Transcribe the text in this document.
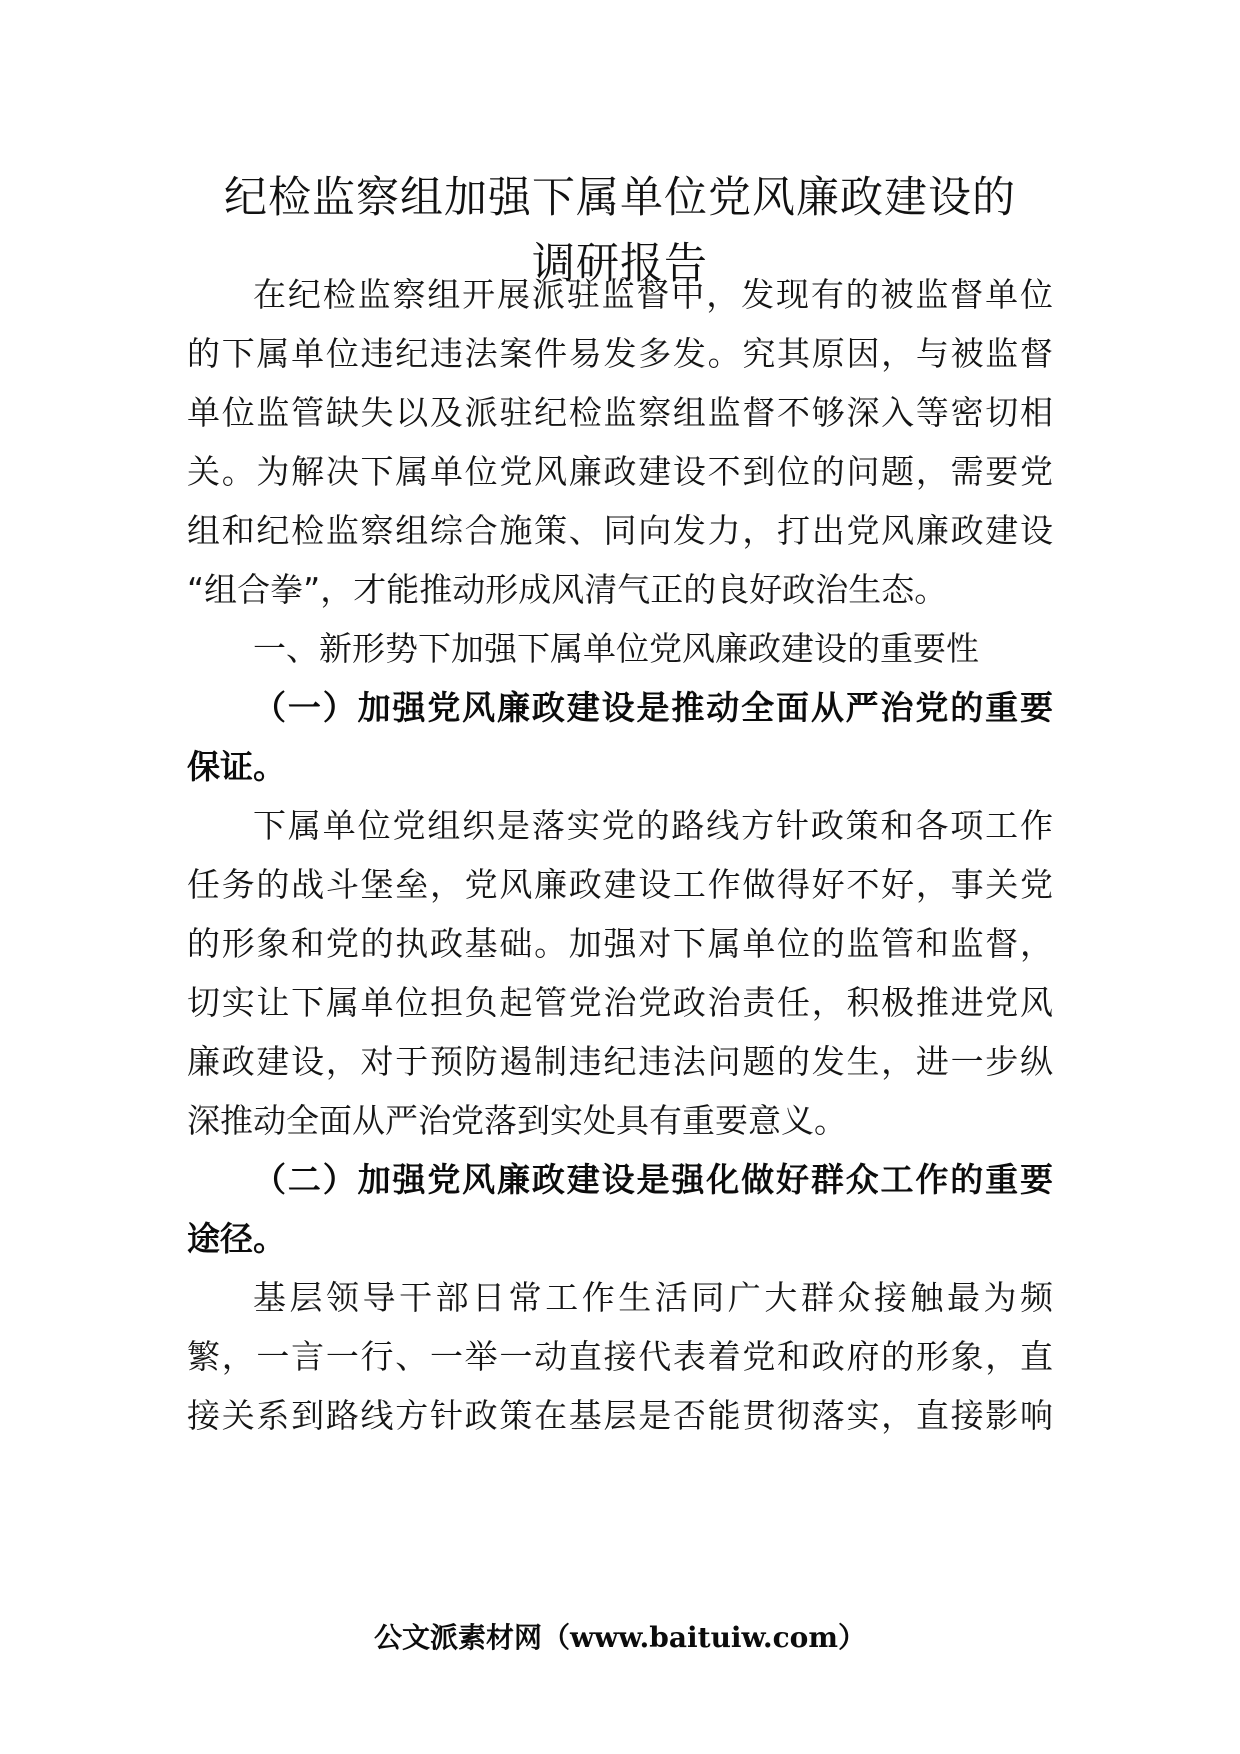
纪检监察组加强下属单位党风廉政建设的
调研报告
在纪检监察组开展派驻监督中，发现有的被监督单位
的下属单位违纪违法案件易发多发。究其原因，与被监督
单位监管缺失以及派驻纪检监察组监督不够深入等密切相
关。为解决下属单位党风廉政建设不到位的问题，需要党
组和纪检监察组综合施策、同向发力，打出党风廉政建设
“组合拳”，才能推动形成风清气正的良好政治生态。
一、新形势下加强下属单位党风廉政建设的重要性
（一）加强党风廉政建设是推动全面从严治党的重要
保证。
下属单位党组织是落实党的路线方针政策和各项工作
任务的战斗堡垒，党风廉政建设工作做得好不好，事关党
的形象和党的执政基础。加强对下属单位的监管和监督，
切实让下属单位担负起管党治党政治责任，积极推进党风
廉政建设，对于预防遏制违纪违法问题的发生，进一步纵
深推动全面从严治党落到实处具有重要意义。
（二）加强党风廉政建设是强化做好群众工作的重要
途径。
基层领导干部日常工作生活同广大群众接触最为频
繁，一言一行、一举一动直接代表着党和政府的形象，直
接关系到路线方针政策在基层是否能贯彻落实，直接影响
公文派素材网（www.baituiw.com）
